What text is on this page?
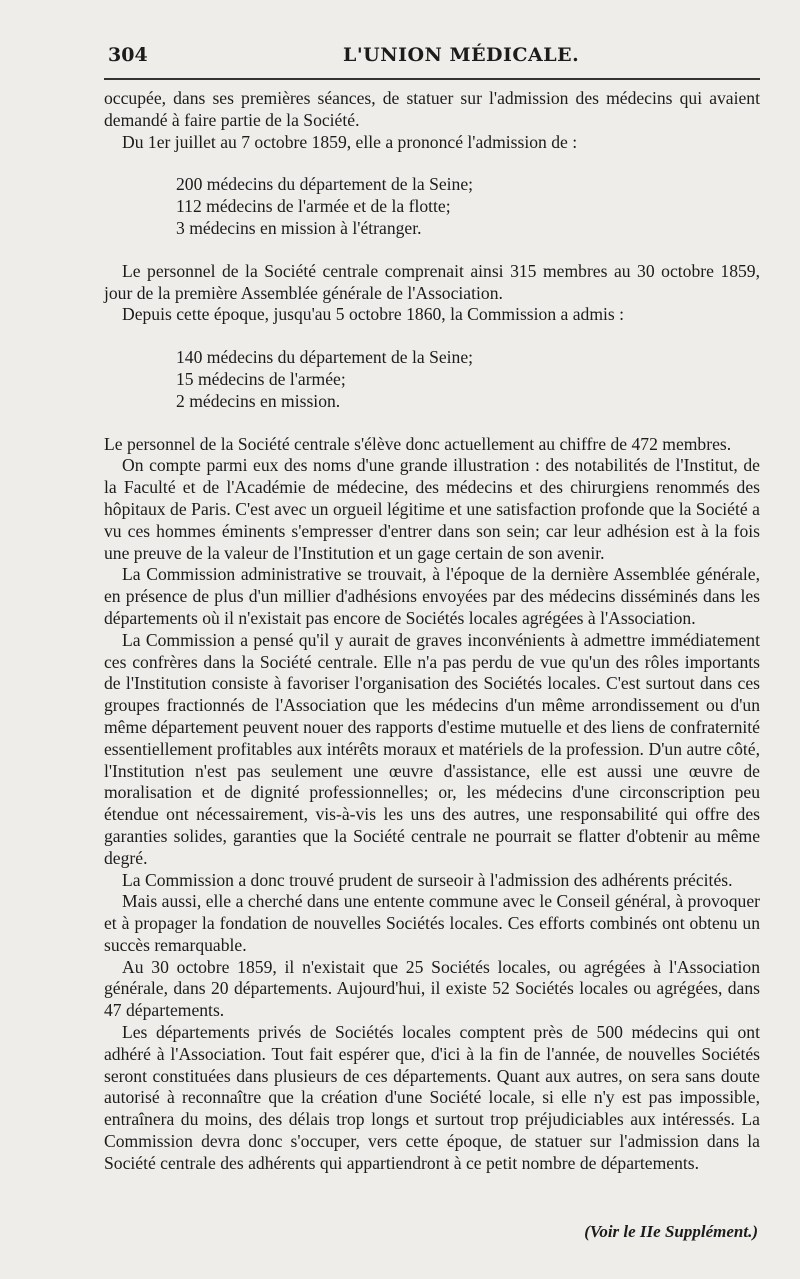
304	L'UNION MÉDICALE.

occupée, dans ses premières séances, de statuer sur l'admission des médecins qui avaient demandé à faire partie de la Société.

Du 1er juillet au 7 octobre 1859, elle a prononcé l'admission de :

200 médecins du département de la Seine;
112 médecins de l'armée et de la flotte;
3 médecins en mission à l'étranger.

Le personnel de la Société centrale comprenait ainsi 315 membres au 30 octobre 1859, jour de la première Assemblée générale de l'Association.

Depuis cette époque, jusqu'au 5 octobre 1860, la Commission a admis :

140 médecins du département de la Seine;
15 médecins de l'armée;
2 médecins en mission.

Le personnel de la Société centrale s'élève donc actuellement au chiffre de 472 membres.

On compte parmi eux des noms d'une grande illustration : des notabilités de l'Institut, de la Faculté et de l'Académie de médecine, des médecins et des chirurgiens renommés des hôpitaux de Paris. C'est avec un orgueil légitime et une satisfaction profonde que la Société a vu ces hommes éminents s'empresser d'entrer dans son sein; car leur adhésion est à la fois une preuve de la valeur de l'Institution et un gage certain de son avenir.

La Commission administrative se trouvait, à l'époque de la dernière Assemblée générale, en présence de plus d'un millier d'adhésions envoyées par des médecins disséminés dans les départements où il n'existait pas encore de Sociétés locales agrégées à l'Association.

La Commission a pensé qu'il y aurait de graves inconvénients à admettre immédiatement ces confrères dans la Société centrale. Elle n'a pas perdu de vue qu'un des rôles importants de l'Institution consiste à favoriser l'organisation des Sociétés locales. C'est surtout dans ces groupes fractionnés de l'Association que les médecins d'un même arrondissement ou d'un même département peuvent nouer des rapports d'estime mutuelle et des liens de confraternité essentiellement profitables aux intérêts moraux et matériels de la profession. D'un autre côté, l'Institution n'est pas seulement une œuvre d'assistance, elle est aussi une œuvre de moralisation et de dignité professionnelles; or, les médecins d'une circonscription peu étendue ont nécessairement, vis-à-vis les uns des autres, une responsabilité qui offre des garanties solides, garanties que la Société centrale ne pourrait se flatter d'obtenir au même degré.

La Commission a donc trouvé prudent de surseoir à l'admission des adhérents précités.

Mais aussi, elle a cherché dans une entente commune avec le Conseil général, à provoquer et à propager la fondation de nouvelles Sociétés locales. Ces efforts combinés ont obtenu un succès remarquable.

Au 30 octobre 1859, il n'existait que 25 Sociétés locales, ou agrégées à l'Association générale, dans 20 départements. Aujourd'hui, il existe 52 Sociétés locales ou agrégées, dans 47 départements.

Les départements privés de Sociétés locales comptent près de 500 médecins qui ont adhéré à l'Association. Tout fait espérer que, d'ici à la fin de l'année, de nouvelles Sociétés seront constituées dans plusieurs de ces départements. Quant aux autres, on sera sans doute autorisé à reconnaître que la création d'une Société locale, si elle n'y est pas impossible, entraînera du moins, des délais trop longs et surtout trop préjudiciables aux intéressés. La Commission devra donc s'occuper, vers cette époque, de statuer sur l'admission dans la Société centrale des adhérents qui appartiendront à ce petit nombre de départements.

(Voir le IIe Supplément.)
